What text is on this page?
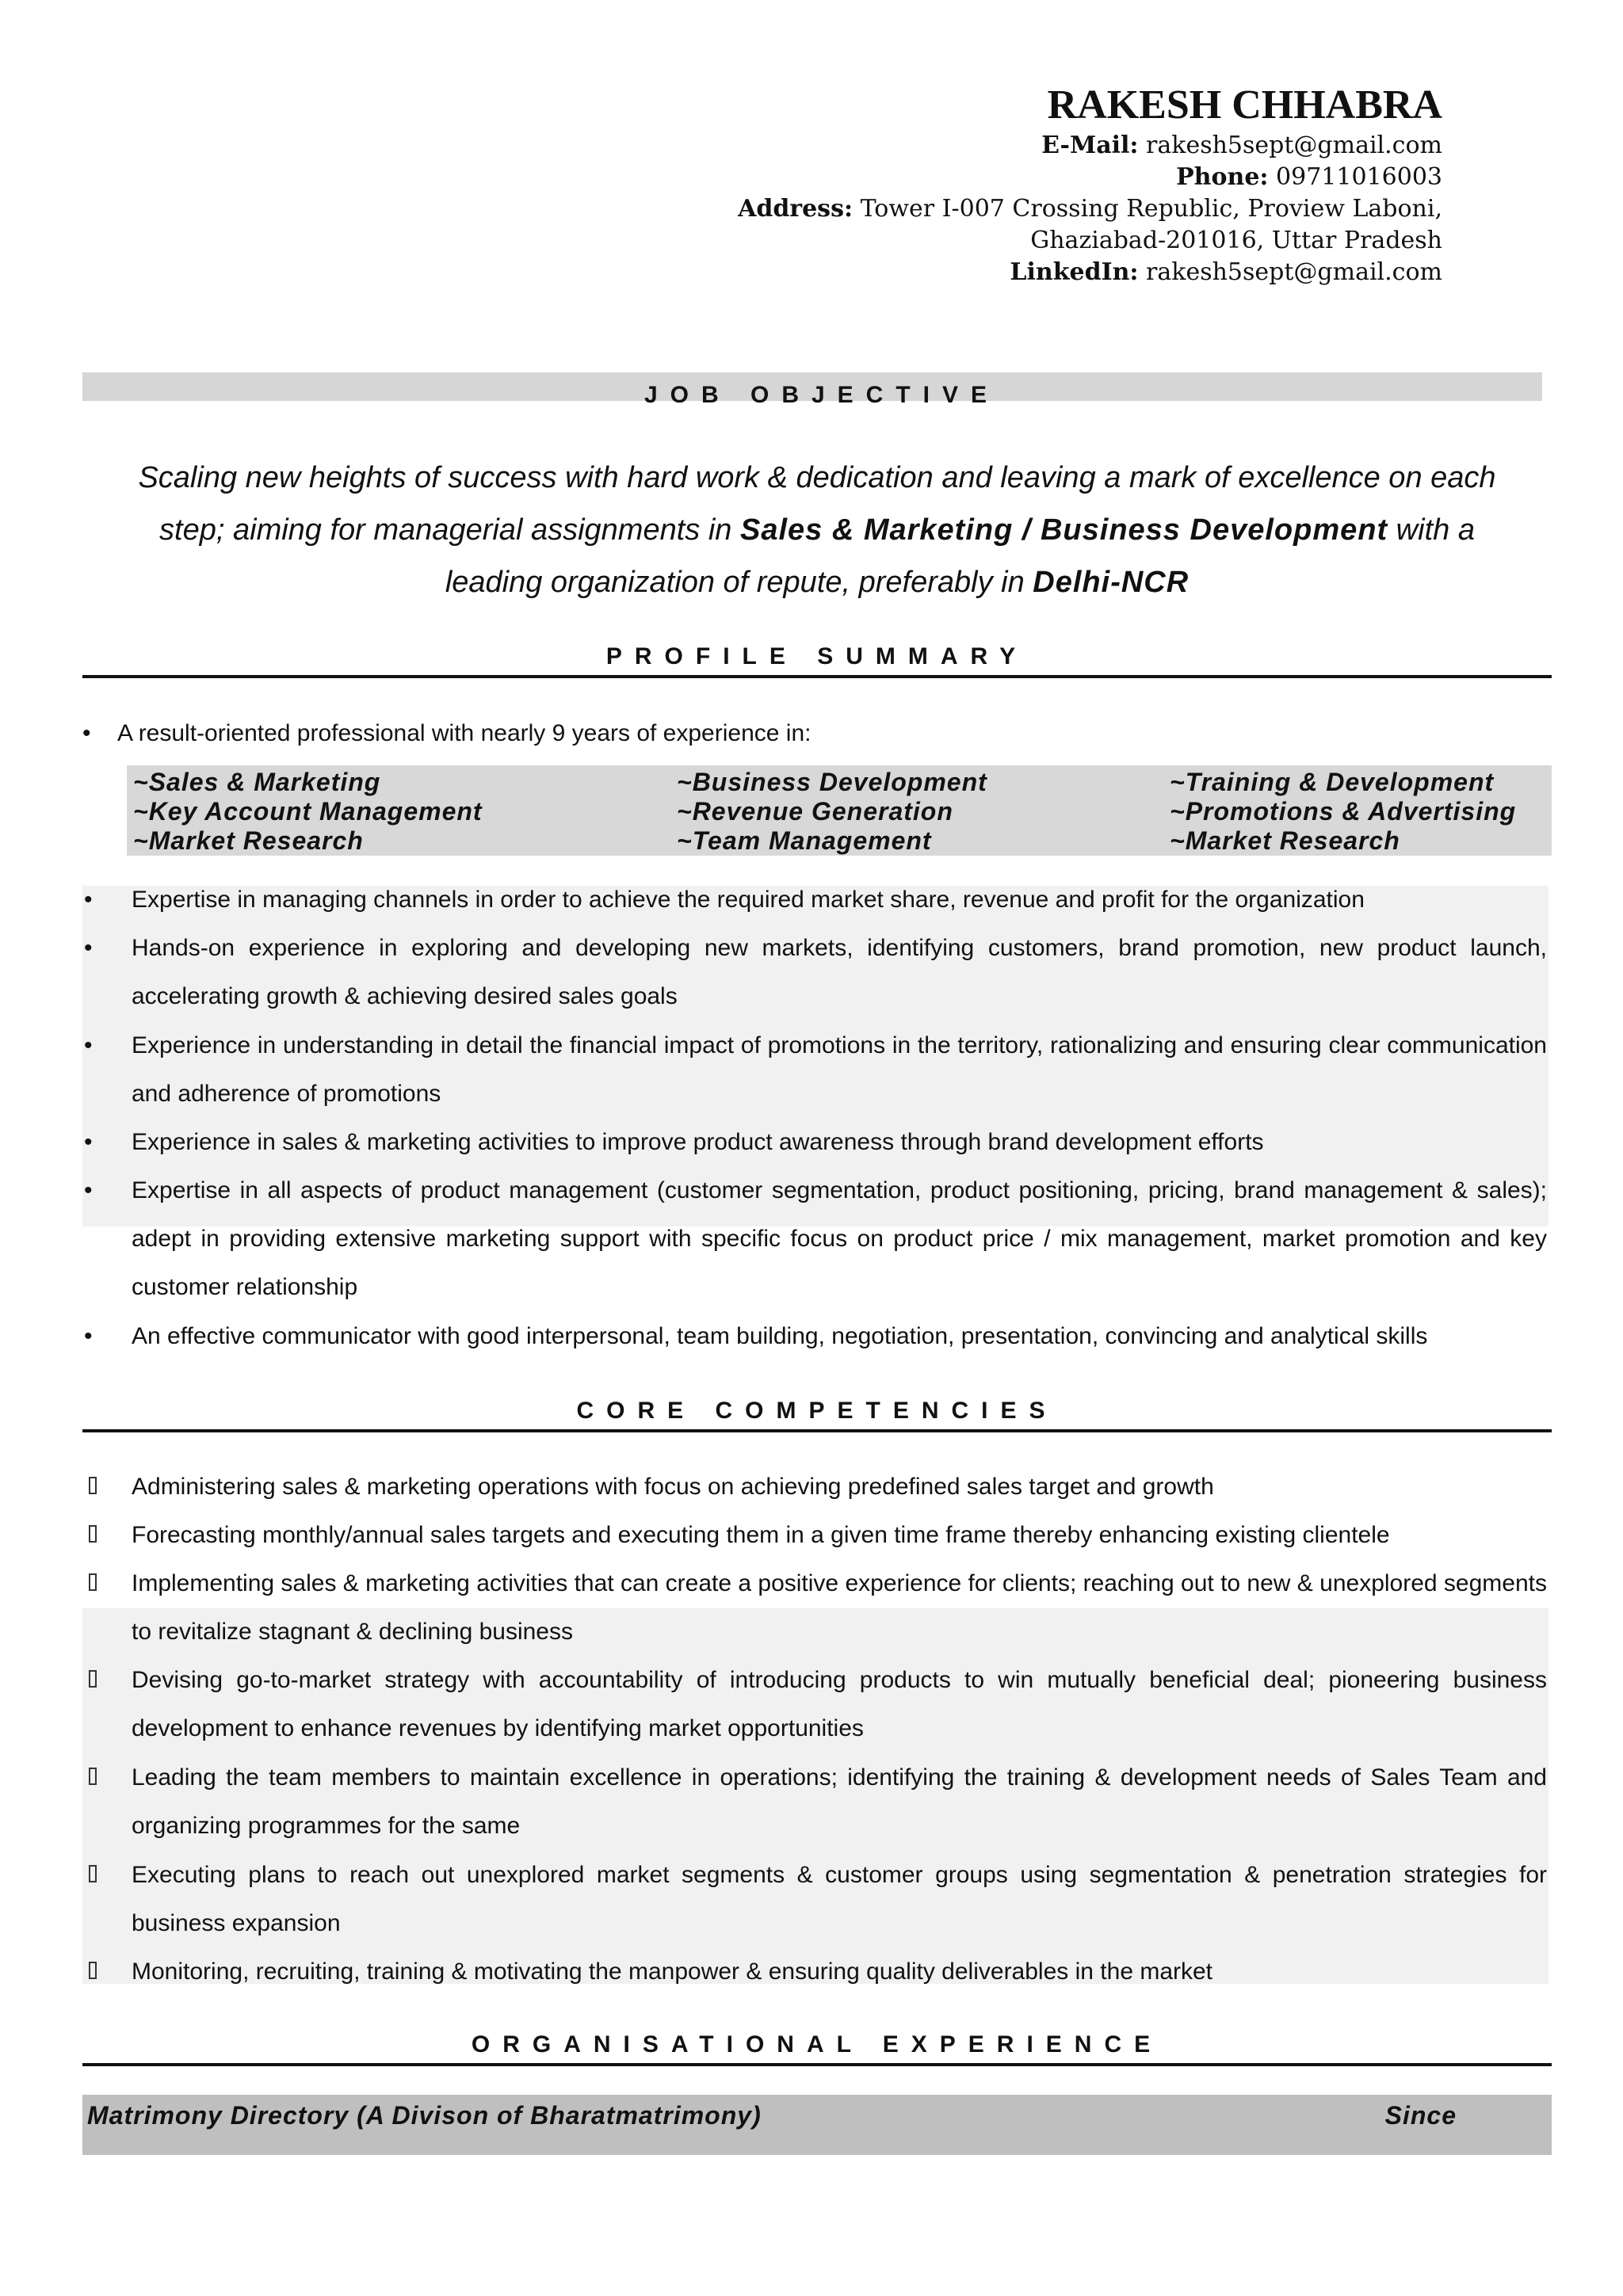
RAKESH CHHABRA
E-Mail: rakesh5sept@gmail.com
Phone: 09711016003
Address: Tower I-007 Crossing Republic, Proview Laboni,
Ghaziabad-201016, Uttar Pradesh
LinkedIn: rakesh5sept@gmail.com
JOB OBJECTIVE
Scaling new heights of success with hard work & dedication and leaving a mark of excellence on each step; aiming for managerial assignments in Sales & Marketing / Business Development with a leading organization of repute, preferably in Delhi-NCR
PROFILE SUMMARY
• A result-oriented professional with nearly 9 years of experience in:
~Sales & Marketing	~Business Development	~Training & Development
~Key Account Management	~Revenue Generation	~Promotions & Advertising
~Market Research	~Team Management	~Market Research
•	Expertise in managing channels in order to achieve the required market share, revenue and profit for the organization
•	Hands-on experience in exploring and developing new markets, identifying customers, brand promotion, new product launch, accelerating growth & achieving desired sales goals
•	Experience in understanding in detail the financial impact of promotions in the territory, rationalizing and ensuring clear communication and adherence of promotions
•	Experience in sales & marketing activities to improve product awareness through brand development efforts
•	Expertise in all aspects of product management (customer segmentation, product positioning, pricing, brand management & sales); adept in providing extensive marketing support with specific focus on product price / mix management, market promotion and key customer relationship
•	An effective communicator with good interpersonal, team building, negotiation, presentation, convincing and analytical skills
CORE COMPETENCIES
Administering sales & marketing operations with focus on achieving predefined sales target and growth
Forecasting monthly/annual sales targets and executing them in a given time frame thereby enhancing existing clientele
Implementing sales & marketing activities that can create a positive experience for clients; reaching out to new & unexplored segments to revitalize stagnant & declining business
Devising go-to-market strategy with accountability of introducing products to win mutually beneficial deal; pioneering business development to enhance revenues by identifying market opportunities
Leading the team members to maintain excellence in operations; identifying the training & development needs of Sales Team and organizing programmes for the same
Executing plans to reach out unexplored market segments & customer groups using segmentation & penetration strategies for business expansion
Monitoring, recruiting, training & motivating the manpower & ensuring quality deliverables in the market
ORGANISATIONAL EXPERIENCE
Matrimony Directory (A Divison of Bharatmatrimony)	Since
